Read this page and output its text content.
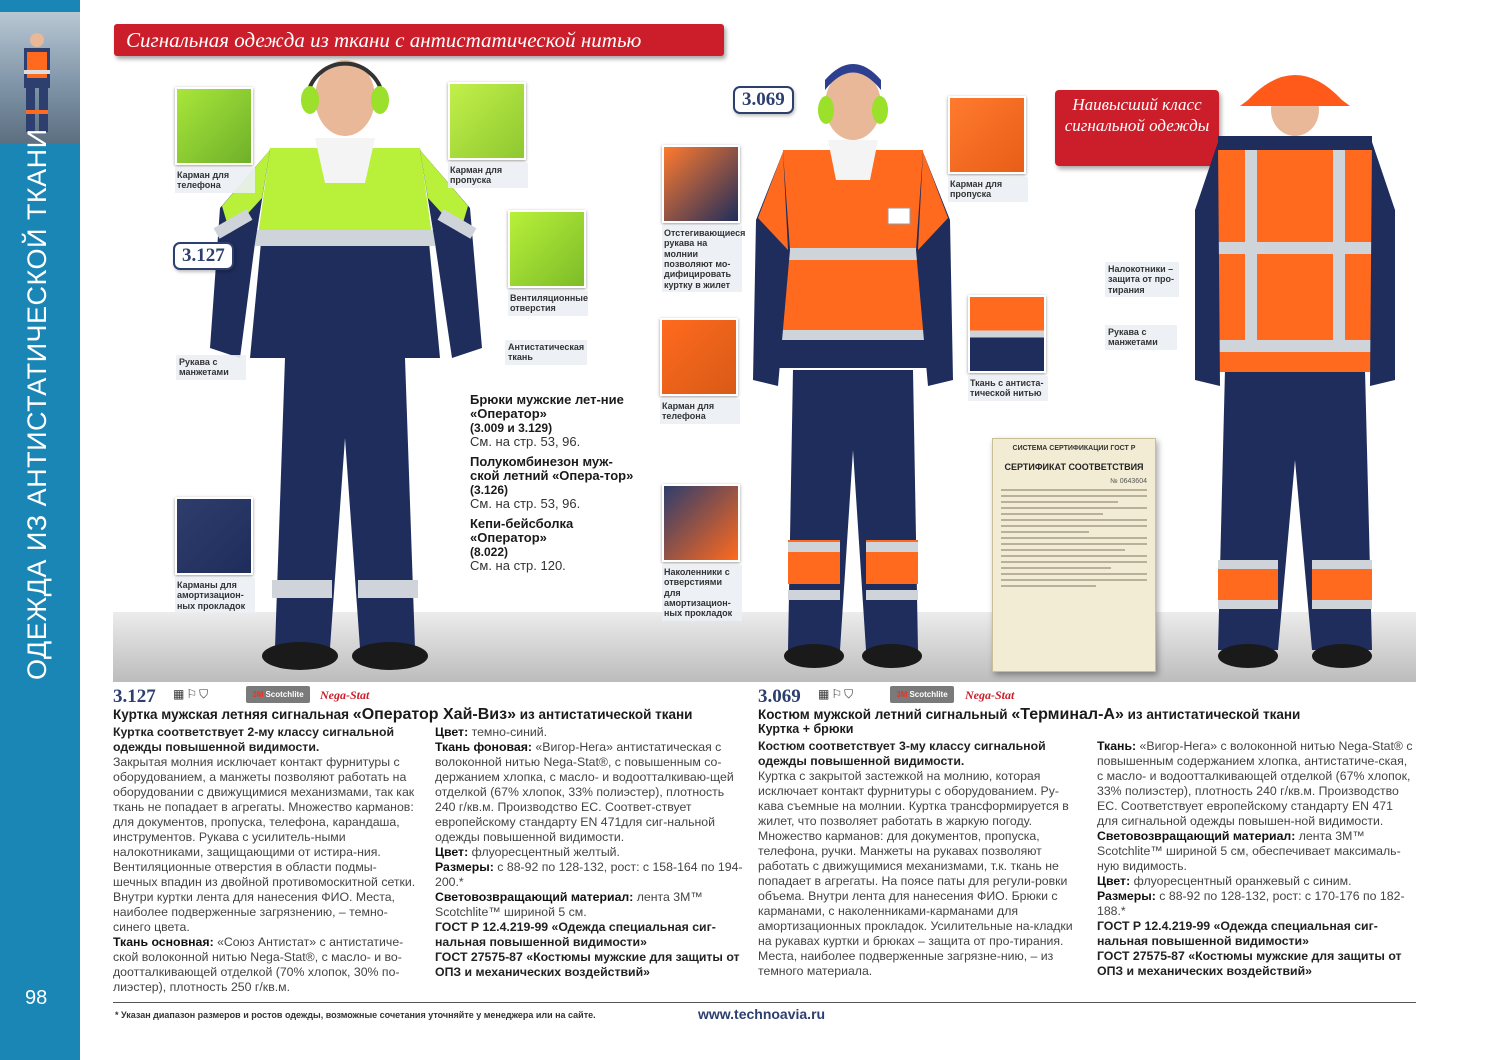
ОДЕЖДА ИЗ АНТИСТАТИЧЕСКОЙ ТКАНИ
98
Сигнальная одежда из ткани с антистатической нитью
Карман для телефона
Карман для пропуска
Вентиляционные отверстия
Антистатическая ткань
Рукава с манжетами
Карманы для амортизацион-ных прокладок
3.127
Брюки мужские лет-ние «Оператор»
(3.009 и 3.129)
См. на стр. 53, 96.
Полукомбинезон муж-ской летний «Опера-тор»
(3.126)
См. на стр. 53, 96.
Кепи-бейсболка «Оператор»
(8.022)
См. на стр. 120.
Отстегивающиеся рукава на молнии позволяют мо-дифицировать куртку в жилет
Карман для телефона
Наколенники с отверстиями для амортизацион-ных прокладок
Карман для пропуска
Ткань с антиста-тической нитью
3.069	Наивысший класс сигнальной одежды
СИСТЕМА СЕРТИФИКАЦИИ ГОСТ Р
СЕРТИФИКАТ СООТВЕТСТВИЯ
№ 0643604
Налокотники – защита от про-тирания
Рукава с манжетами
3.127 ▦⚐⛉	3M Scotchlite	Nega-Stat
Куртка мужская летняя сигнальная «Оператор Хай-Виз» из антистатической ткани
Куртка соответствует 2-му классу сигнальной одежды повышенной видимости.
Закрытая молния исключает контакт фурнитуры с оборудованием, а манжеты позволяют работать на оборудовании с движущимися механизмами, так как ткань не попадает в агрегаты. Множество карманов: для документов, пропуска, телефона, карандаша, инструментов. Рукава с усилитель-ными налокотниками, защищающими от истира-ния. Вентиляционные отверстия в области подмы-шечных впадин из двойной противомоскитной сетки. Внутри куртки лента для нанесения ФИО. Места, наиболее подверженные загрязнению, – темно-синего цвета.
Ткань основная: «Союз Антистат» с антистатиче-ской волоконной нитью Nega-Stat®, с масло- и во-доотталкивающей отделкой (70% хлопок, 30% по-лиэстер), плотность 250 г/кв.м.
Цвет: темно-синий.
Ткань фоновая: «Вигор-Нега» антистатическая с волоконной нитью Nega-Stat®, с повышенным со-держанием хлопка, с масло- и водоотталкиваю-щей отделкой (67% хлопок, 33% полиэстер), плотность 240 г/кв.м. Производство ЕС. Соответ-ствует европейскому стандарту EN 471для сиг-нальной одежды повышенной видимости.
Цвет: флуоресцентный желтый.
Размеры: с 88-92 по 128-132, рост: с 158-164 по 194-200.*
Световозвращающий материал: лента 3M™ Scotchlite™ шириной 5 см.
ГОСТ Р 12.4.219-99 «Одежда специальная сиг-нальная повышенной видимости»
ГОСТ 27575-87 «Костюмы мужские для защиты от ОПЗ и механических воздействий»
3.069 ▦⚐⛉	3M Scotchlite	Nega-Stat
Костюм мужской летний сигнальный «Терминал-А» из антистатической ткани
Куртка + брюки
Костюм соответствует 3-му классу сигнальной одежды повышенной видимости.
Куртка с закрытой застежкой на молнию, которая исключает контакт фурнитуры с оборудованием. Ру-кава съемные на молнии. Куртка трансформируется в жилет, что позволяет работать в жаркую погоду. Множество карманов: для документов, пропуска, телефона, ручки. Манжеты на рукавах позволяют работать с движущимися механизмами, т.к. ткань не попадает в агрегаты. На поясе паты для регули-ровки объема. Внутри лента для нанесения ФИО. Брюки с карманами, с наколенниками-карманами для амортизационных прокладок. Усилительные на-кладки на рукавах куртки и брюках – защита от про-тирания. Места, наиболее подверженные загрязне-нию, – из темного материала.
Ткань: «Вигор-Нега» с волоконной нитью Nega-Stat® с повышенным содержанием хлопка, антистатиче-ская, с масло- и водоотталкивающей отделкой (67% хлопок, 33% полиэстер), плотность 240 г/кв.м. Производство ЕС. Соответствует европейскому стандарту EN 471 для сигнальной одежды повышен-ной видимости.
Световозвращающий материал: лента 3M™ Scotchlite™ шириной 5 см, обеспечивает максималь-ную видимость.
Цвет: флуоресцентный оранжевый с синим.
Размеры: с 88-92 по 128-132, рост: с 170-176 по 182-188.*
ГОСТ Р 12.4.219-99 «Одежда специальная сиг-нальная повышенной видимости»
ГОСТ 27575-87 «Костюмы мужские для защиты от ОПЗ и механических воздействий»
* Указан диапазон размеров и ростов одежды, возможные сочетания уточняйте у менеджера или на сайте.	www.technoavia.ru
